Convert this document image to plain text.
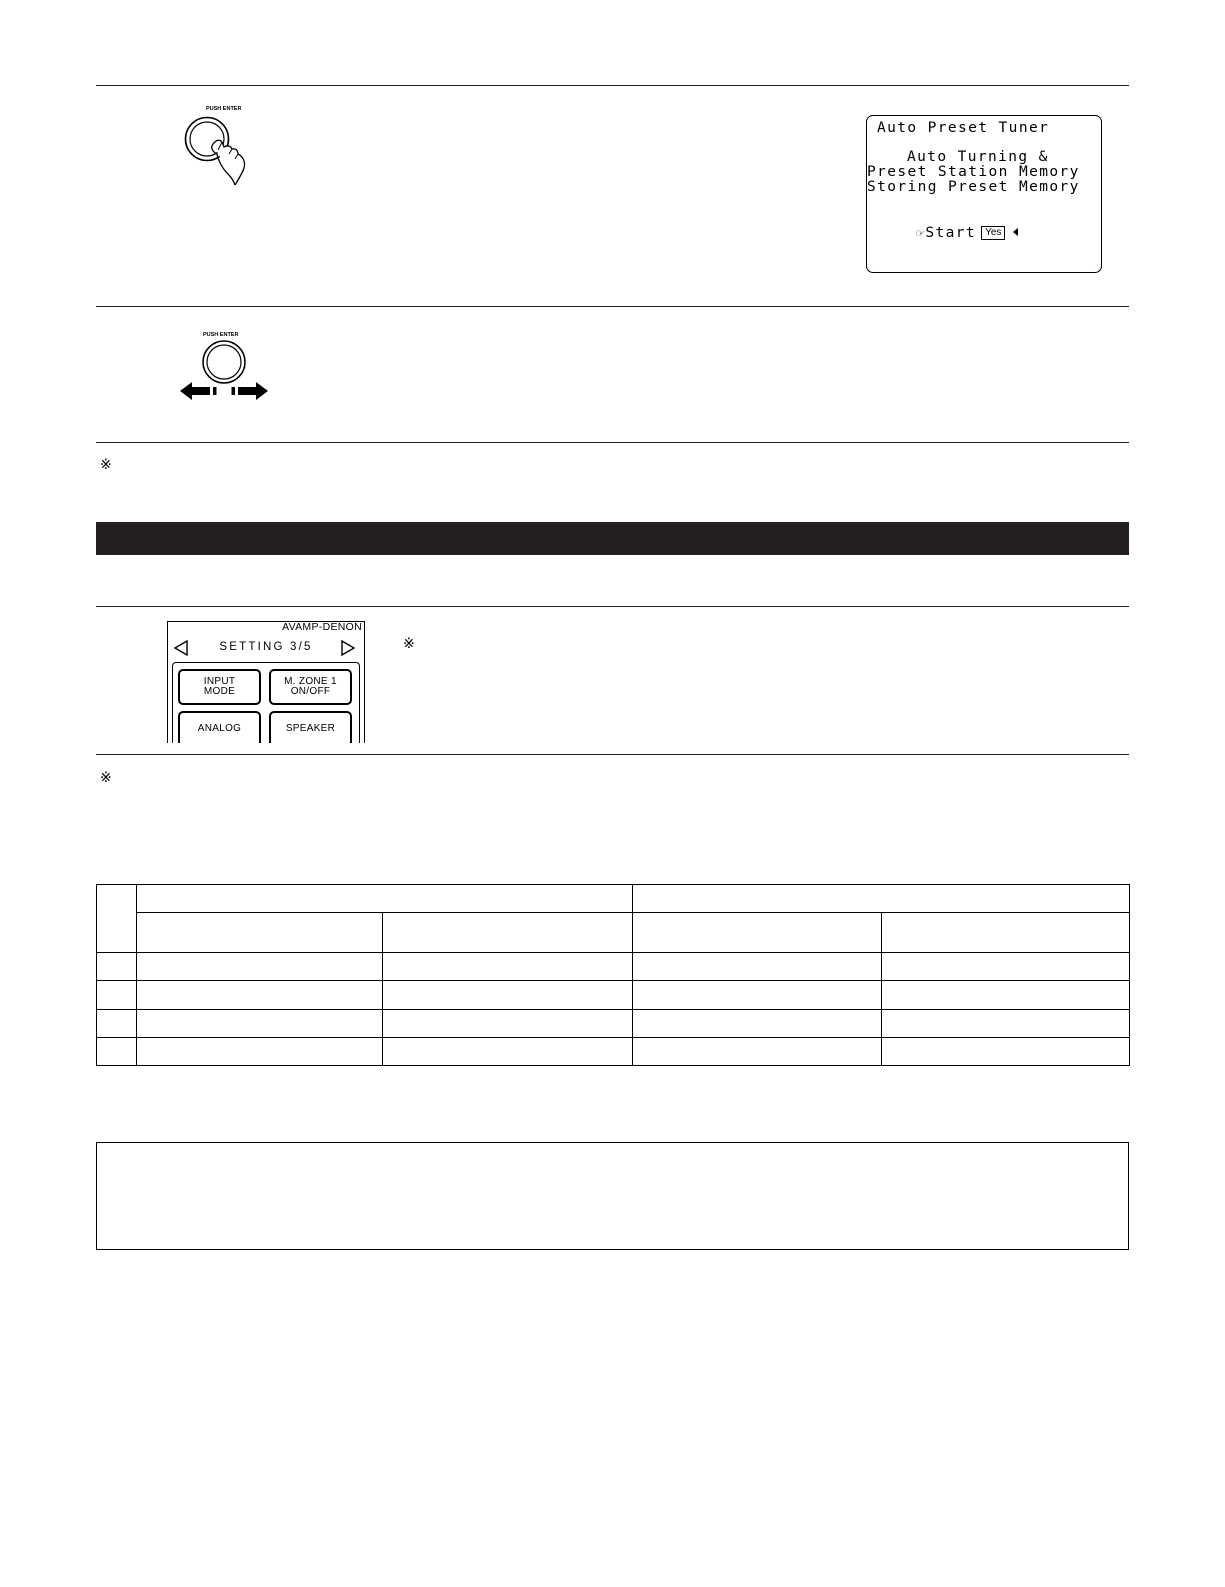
PUSH ENTER
Auto Preset Tuner
Auto Turning &
Preset Station Memory
Storing Preset Memory

☞Start Yes

PUSH ENTER
※
AVAMP-DENON
SETTING 3/5
INPUT
MODE
M. ZONE 1
ON/OFF
ANALOG	SPEAKER
※
※
